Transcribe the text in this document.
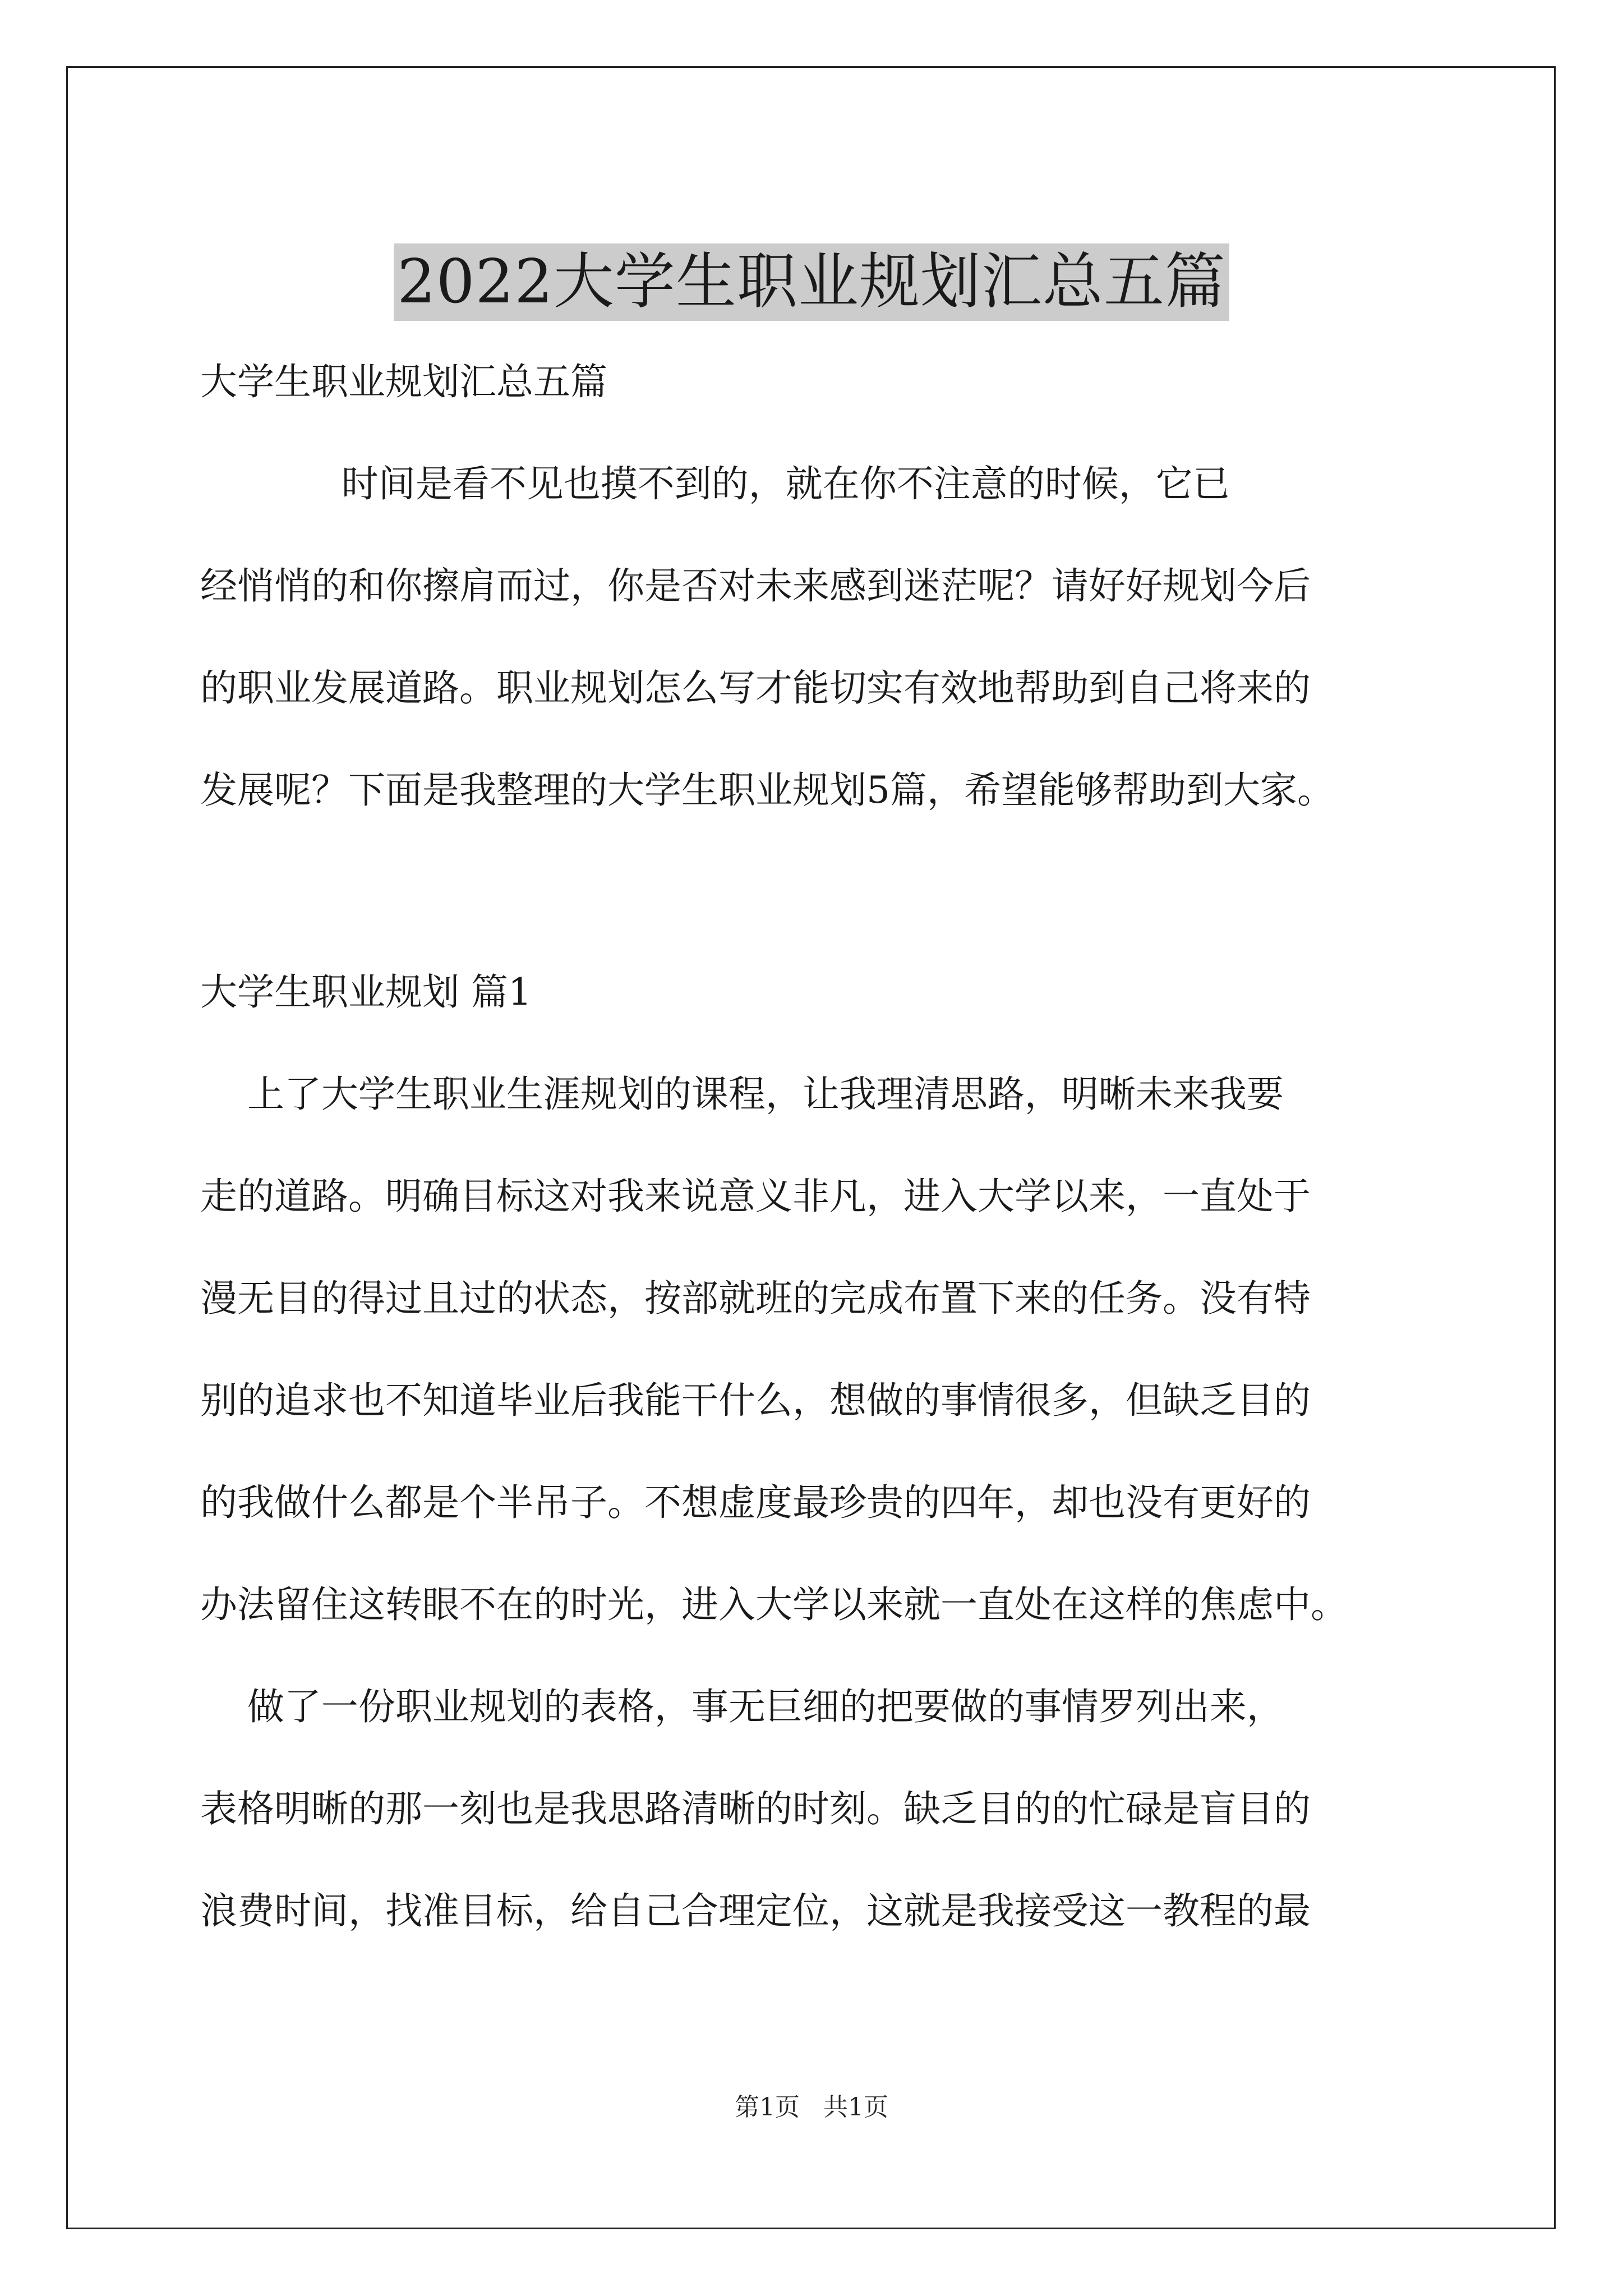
2022大学生职业规划汇总五篇
大学生职业规划汇总五篇
时间是看不见也摸不到的，就在你不注意的时候，它已
经悄悄的和你擦肩而过，你是否对未来感到迷茫呢？请好好规划今后
的职业发展道路。职业规划怎么写才能切实有效地帮助到自己将来的
发展呢？下面是我整理的大学生职业规划5篇，希望能够帮助到大家。
大学生职业规划 篇1
上了大学生职业生涯规划的课程，让我理清思路，明晰未来我要
走的道路。明确目标这对我来说意义非凡，进入大学以来，一直处于
漫无目的得过且过的状态，按部就班的完成布置下来的任务。没有特
别的追求也不知道毕业后我能干什么，想做的事情很多，但缺乏目的
的我做什么都是个半吊子。不想虚度最珍贵的四年，却也没有更好的
办法留住这转眼不在的时光，进入大学以来就一直处在这样的焦虑中。
做了一份职业规划的表格，事无巨细的把要做的事情罗列出来，
表格明晰的那一刻也是我思路清晰的时刻。缺乏目的的忙碌是盲目的
浪费时间，找准目标，给自己合理定位，这就是我接受这一教程的最
第1页   共1页
